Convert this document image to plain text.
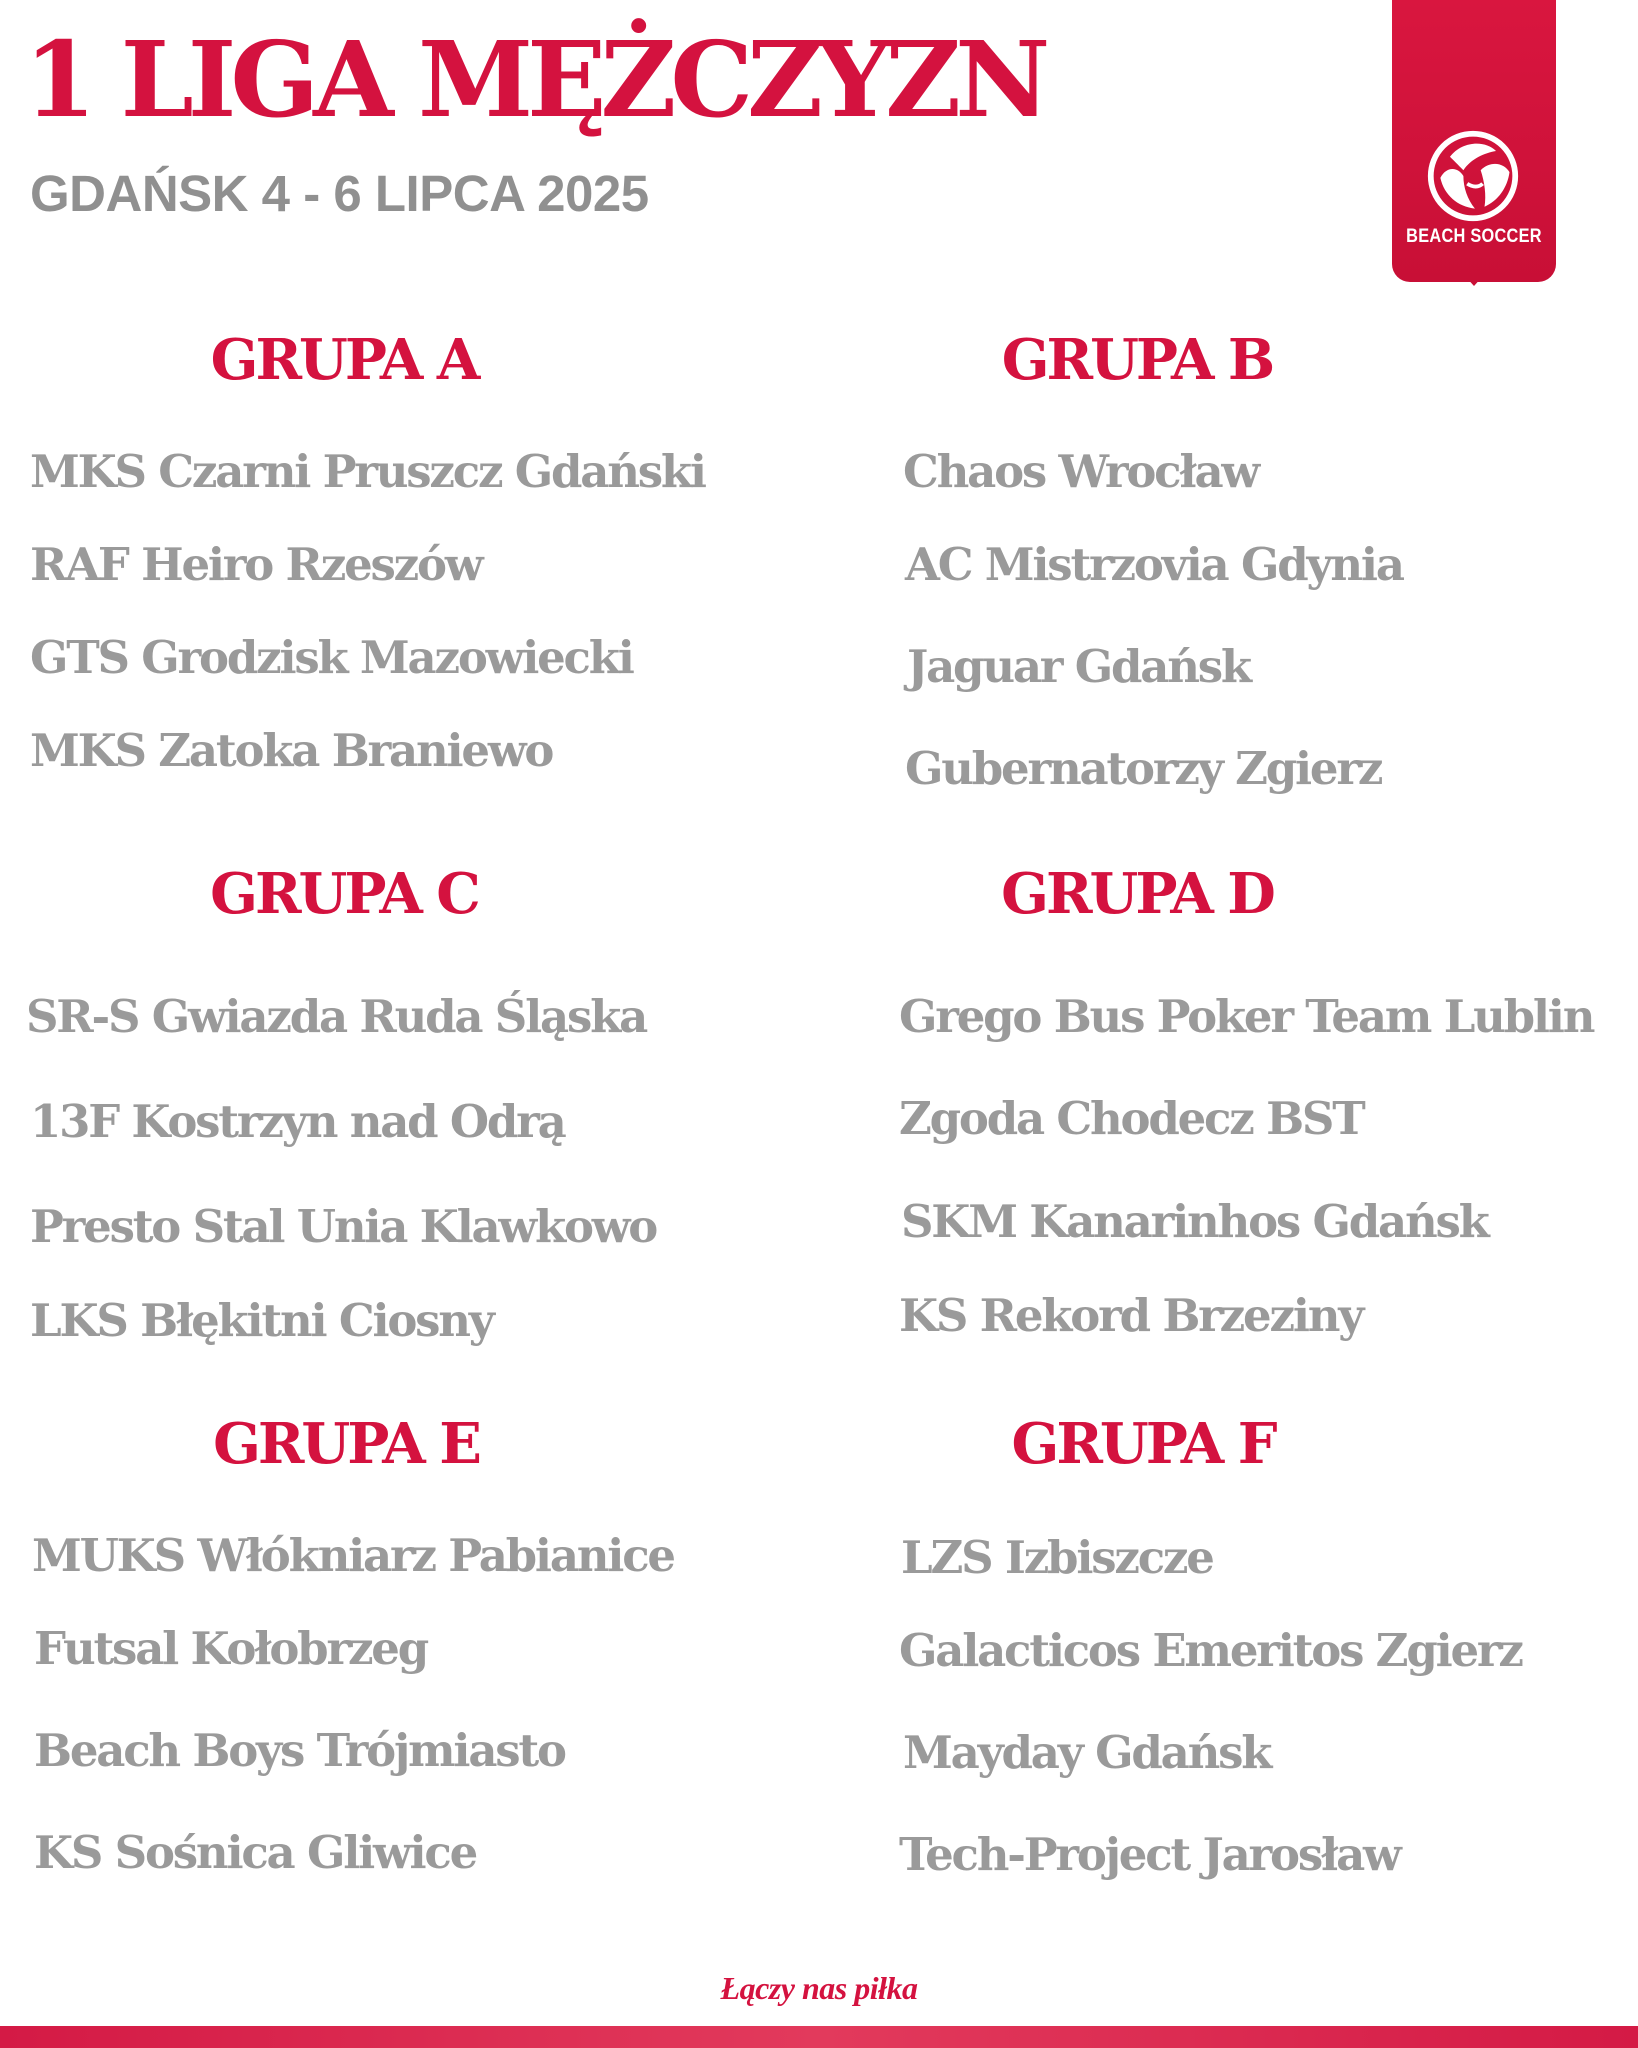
1 LIGA MĘŻCZYZN
GDAŃSK 4 - 6 LIPCA 2025
BEACH SOCCER
GRUPA A

MKS Czarni Pruszcz Gdański

RAF Heiro Rzeszów

GTS Grodzisk Mazowiecki

MKS Zatoka Braniewo

GRUPA B

Chaos Wrocław

AC Mistrzovia Gdynia

Jaguar Gdańsk

Gubernatorzy Zgierz

GRUPA C

SR-S Gwiazda Ruda Śląska

13F Kostrzyn nad Odrą

Presto Stal Unia Klawkowo

LKS Błękitni Ciosny

GRUPA D

Grego Bus Poker Team Lublin

Zgoda Chodecz BST

SKM Kanarinhos Gdańsk

KS Rekord Brzeziny

GRUPA E

MUKS Włókniarz Pabianice

Futsal Kołobrzeg

Beach Boys Trójmiasto

KS Sośnica Gliwice

GRUPA F

LZS Izbiszcze

Galacticos Emeritos Zgierz

Mayday Gdańsk

Tech-Project Jarosław

Łączy nas piłka
